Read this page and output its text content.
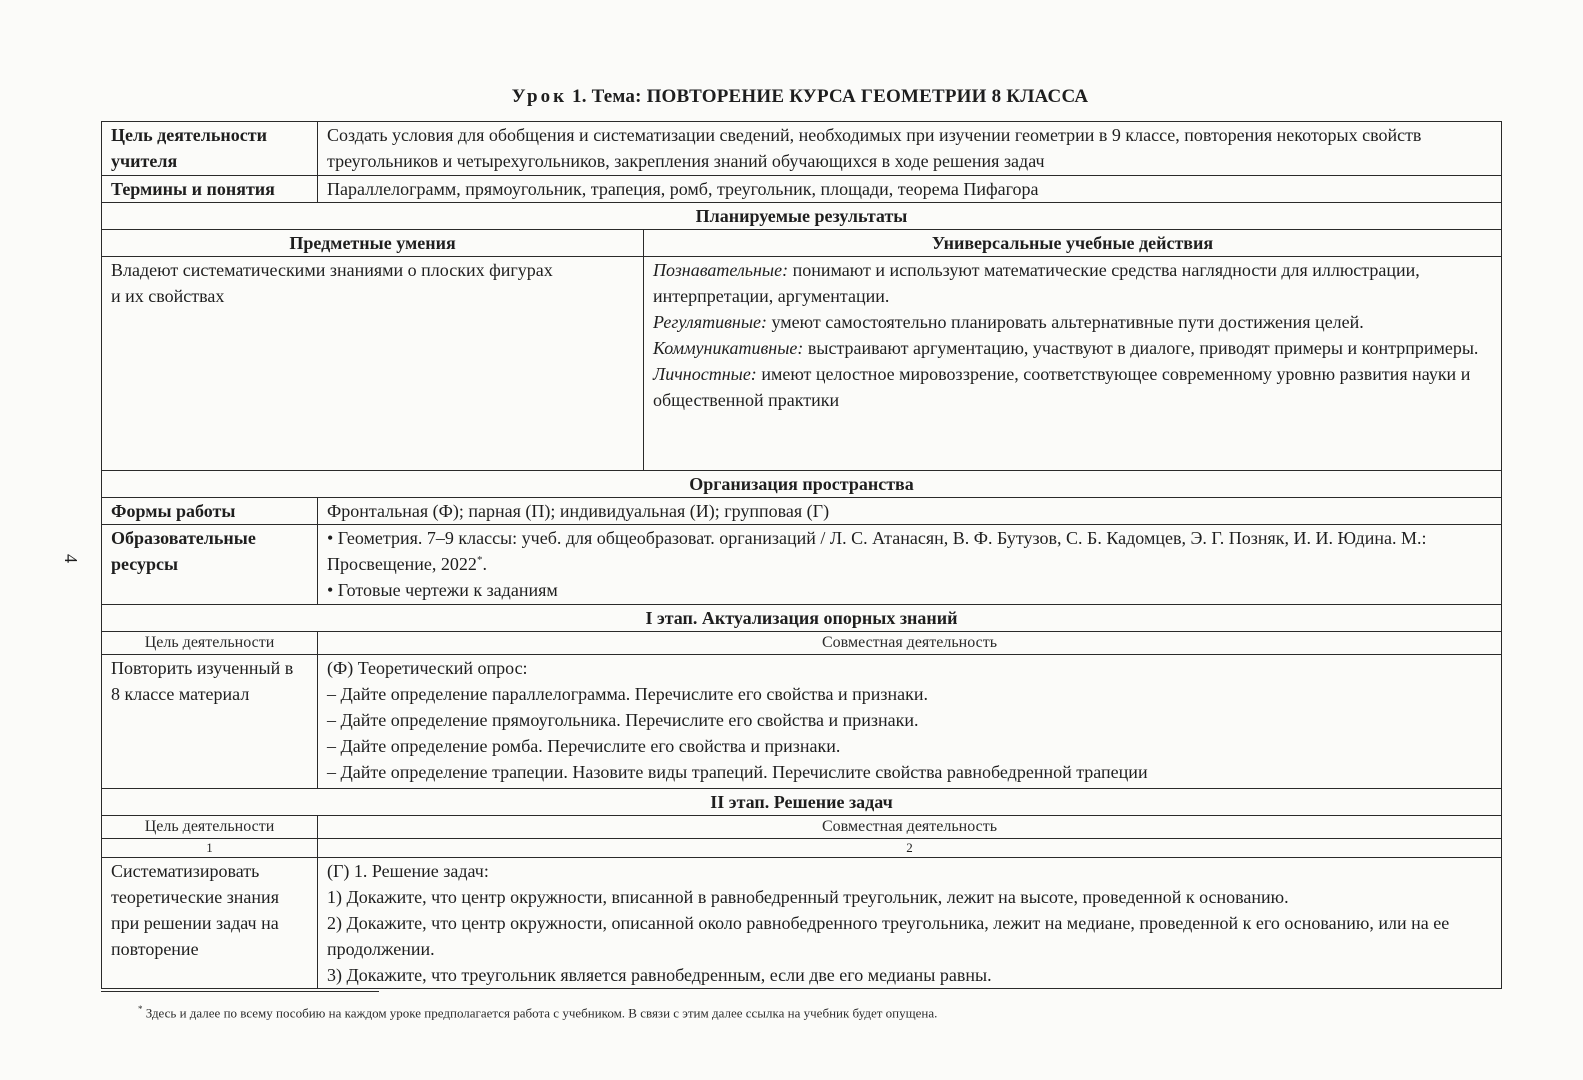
Урок 1. Тема: ПОВТОРЕНИЕ КУРСА ГЕОМЕТРИИ 8 КЛАССА
4
Цель деятельности учителя	Создать условия для обобщения и систематизации сведений, необходимых при изучении геометрии в 9 классе, повторения некоторых свойств треугольников и четырехугольников, закрепления знаний обучающихся в ходе решения задач	
Термины и понятия	Параллелограмм, прямоугольник, трапеция, ромб, треугольник, площади, теорема Пифагора	
Планируемые результаты		
Предметные умения		Универсальные учебные действия
Владеют систематическими знаниями о плоских фигурах и их свойствах		Познавательные: понимают и используют математические средства наглядности для иллюстрации, интерпретации, аргументации.
Регулятивные: умеют самостоятельно планировать альтернативные пути достижения целей.
Коммуникативные: выстраивают аргументацию, участвуют в диалоге, приводят примеры и контрпримеры.
Личностные: имеют целостное мировоззрение, соответствующее современному уровню развития науки и общественной практики

Организация пространства		
Формы работы	Фронтальная (Ф); парная (П); индивидуальная (И); групповая (Г)	
Образовательные ресурсы	• Геометрия. 7–9 классы: учеб. для общеобразоват. организаций / Л. С. Атанасян, В. Ф. Бутузов, С. Б. Кадомцев, Э. Г. Позняк, И. И. Юдина. М.: Просвещение, 2022*.
• Готовые чертежи к заданиям	

I этап. Актуализация опорных знаний		
Цель деятельности	Совместная деятельность	
Повторить изученный в 8 классе материал	(Ф) Теоретический опрос:
– Дайте определение параллелограмма. Перечислите его свойства и признаки.
– Дайте определение прямоугольника. Перечислите его свойства и признаки.
– Дайте определение ромба. Перечислите его свойства и признаки.
– Дайте определение трапеции. Назовите виды трапеций. Перечислите свойства равнобедренной трапеции	

II этап. Решение задач		
Цель деятельности	Совместная деятельность	
1	2	
Систематизировать теоретические знания при решении задач на повторение	(Г) 1. Решение задач:
1) Докажите, что центр окружности, вписанной в равнобедренный треугольник, лежит на высоте, проведенной к основанию.
2) Докажите, что центр окружности, описанной около равнобедренного треугольника, лежит на медиане, проведенной к его основанию, или на ее продолжении.
3) Докажите, что треугольник является равнобедренным, если две его медианы равны.	
* Здесь и далее по всему пособию на каждом уроке предполагается работа с учебником. В связи с этим далее ссылка на учебник будет опущена.
